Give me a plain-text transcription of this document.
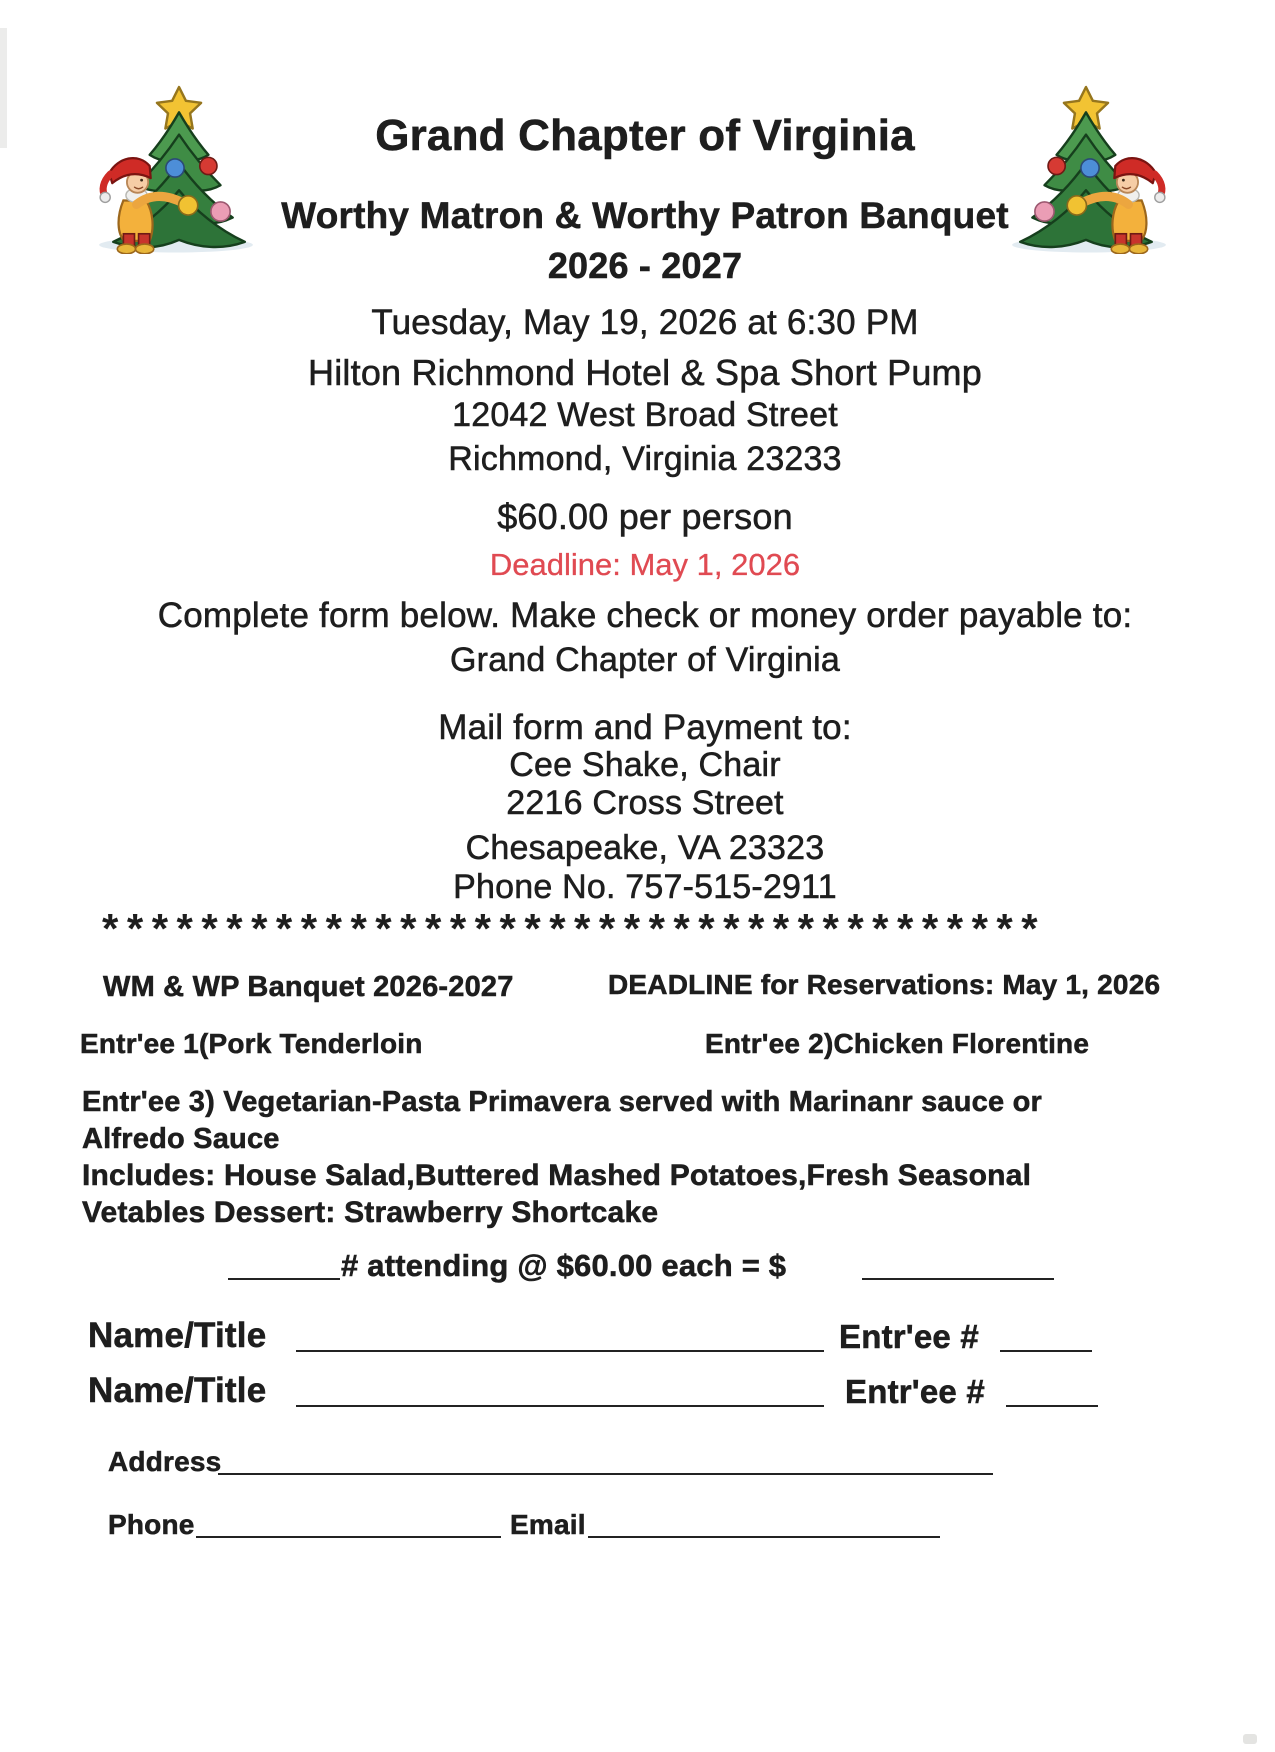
Grand Chapter of Virginia
Worthy Matron & Worthy Patron Banquet
2026 - 2027
Tuesday, May 19, 2026 at 6:30 PM
Hilton Richmond Hotel & Spa Short Pump
12042 West Broad Street
Richmond, Virginia 23233
$60.00 per person
Deadline: May 1, 2026
Complete form below. Make check or money order payable to:
Grand Chapter of Virginia
Mail form and Payment to:
Cee Shake, Chair
2216 Cross Street
Chesapeake, VA 23323
Phone No. 757-515-2911
**************************************
WM & WP Banquet 2026-2027	DEADLINE for Reservations: May 1, 2026
Entr'ee 1(Pork Tenderloin	Entr'ee 2)Chicken Florentine
Entr'ee 3) Vegetarian-Pasta Primavera served with Marinanr sauce or
Alfredo Sauce
Includes: House Salad,Buttered Mashed Potatoes,Fresh Seasonal
Vetables Dessert: Strawberry Shortcake
# attending @ $60.00 each = $
Name/Title	Entr'ee #
Name/Title	Entr'ee #
Address
Phone	Email
